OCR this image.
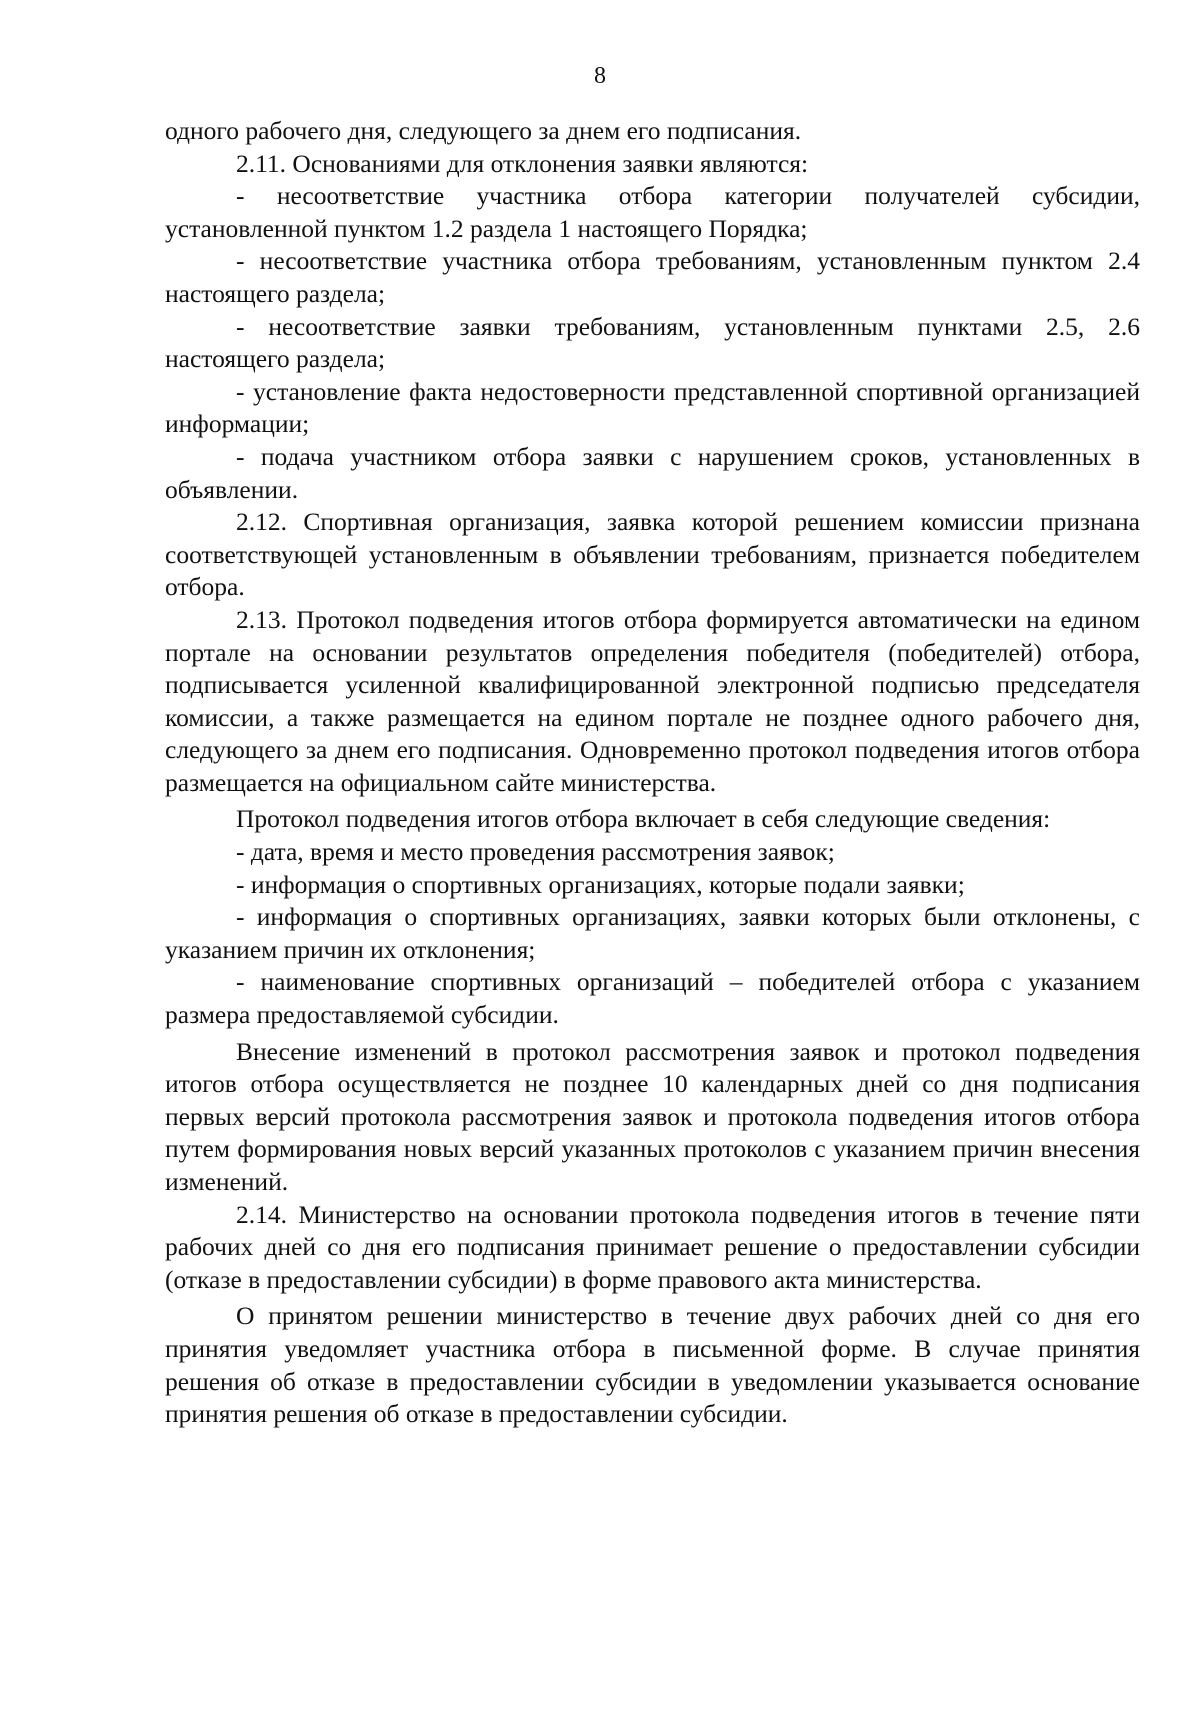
8

одного рабочего дня, следующего за днем его подписания.

2.11. Основаниями для отклонения заявки являются:

- несоответствие участника отбора категории получателей субсидии, установленной пунктом 1.2 раздела 1 настоящего Порядка;

- несоответствие участника отбора требованиям, установленным пунктом 2.4 настоящего раздела;

- несоответствие заявки требованиям, установленным пунктами 2.5, 2.6 настоящего раздела;

- установление факта недостоверности представленной спортивной организацией информации;

- подача участником отбора заявки с нарушением сроков, установленных в объявлении.

2.12. Спортивная организация, заявка которой решением комиссии признана соответствующей установленным в объявлении требованиям, признается победителем отбора.

2.13. Протокол подведения итогов отбора формируется автоматически на едином портале на основании результатов определения победителя (победителей) отбора, подписывается усиленной квалифицированной электронной подписью председателя комиссии, а также размещается на едином портале не позднее одного рабочего дня, следующего за днем его подписания. Одновременно протокол подведения итогов отбора размещается на официальном сайте министерства.

Протокол подведения итогов отбора включает в себя следующие сведения:

- дата, время и место проведения рассмотрения заявок;

- информация о спортивных организациях, которые подали заявки;

- информация о спортивных организациях, заявки которых были отклонены, с указанием причин их отклонения;

- наименование спортивных организаций – победителей отбора с указанием размера предоставляемой субсидии.

Внесение изменений в протокол рассмотрения заявок и протокол подведения итогов отбора осуществляется не позднее 10 календарных дней со дня подписания первых версий протокола рассмотрения заявок и протокола подведения итогов отбора путем формирования новых версий указанных протоколов с указанием причин внесения изменений.

2.14. Министерство на основании протокола подведения итогов в течение пяти рабочих дней со дня его подписания принимает решение о предоставлении субсидии (отказе в предоставлении субсидии) в форме правового акта министерства.

О принятом решении министерство в течение двух рабочих дней со дня его принятия уведомляет участника отбора в письменной форме. В случае принятия решения об отказе в предоставлении субсидии в уведомлении указывается основание принятия решения об отказе в предоставлении субсидии.
